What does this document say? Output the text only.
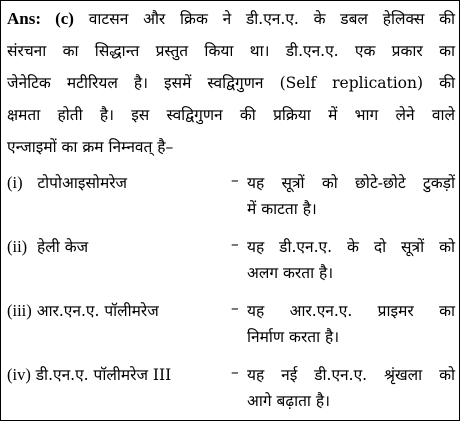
Ans: (c) वाटसन और क्रिक ने डी.एन.ए. के डबल हेलिक्स की
संरचना का सिद्धान्त प्रस्तुत किया था। डी.एन.ए. एक प्रकार का
जेनेटिक मटीरियल है। इसमें स्वद्विगुणन (Self replication) की
क्षमता होती है। इस स्वद्विगुणन की प्रक्रिया में भाग लेने वाले
एन्जाइमों का क्रम निम्नवत् है–
(i) टोपोआइसोमरेज	– यह सूत्रों को छोटे-छोटे टुकड़ों
में काटता है।
(ii) हेली केज	– यह डी.एन.ए. के दो सूत्रों को
अलग करता है।
(iii) आर.एन.ए. पॉलीमरेज	– यह आर.एन.ए. प्राइमर का
निर्माण करता है।
(iv) डी.एन.ए. पॉलीमरेज III	– यह नई डी.एन.ए. श्रृंखला को
आगे बढ़ाता है।
